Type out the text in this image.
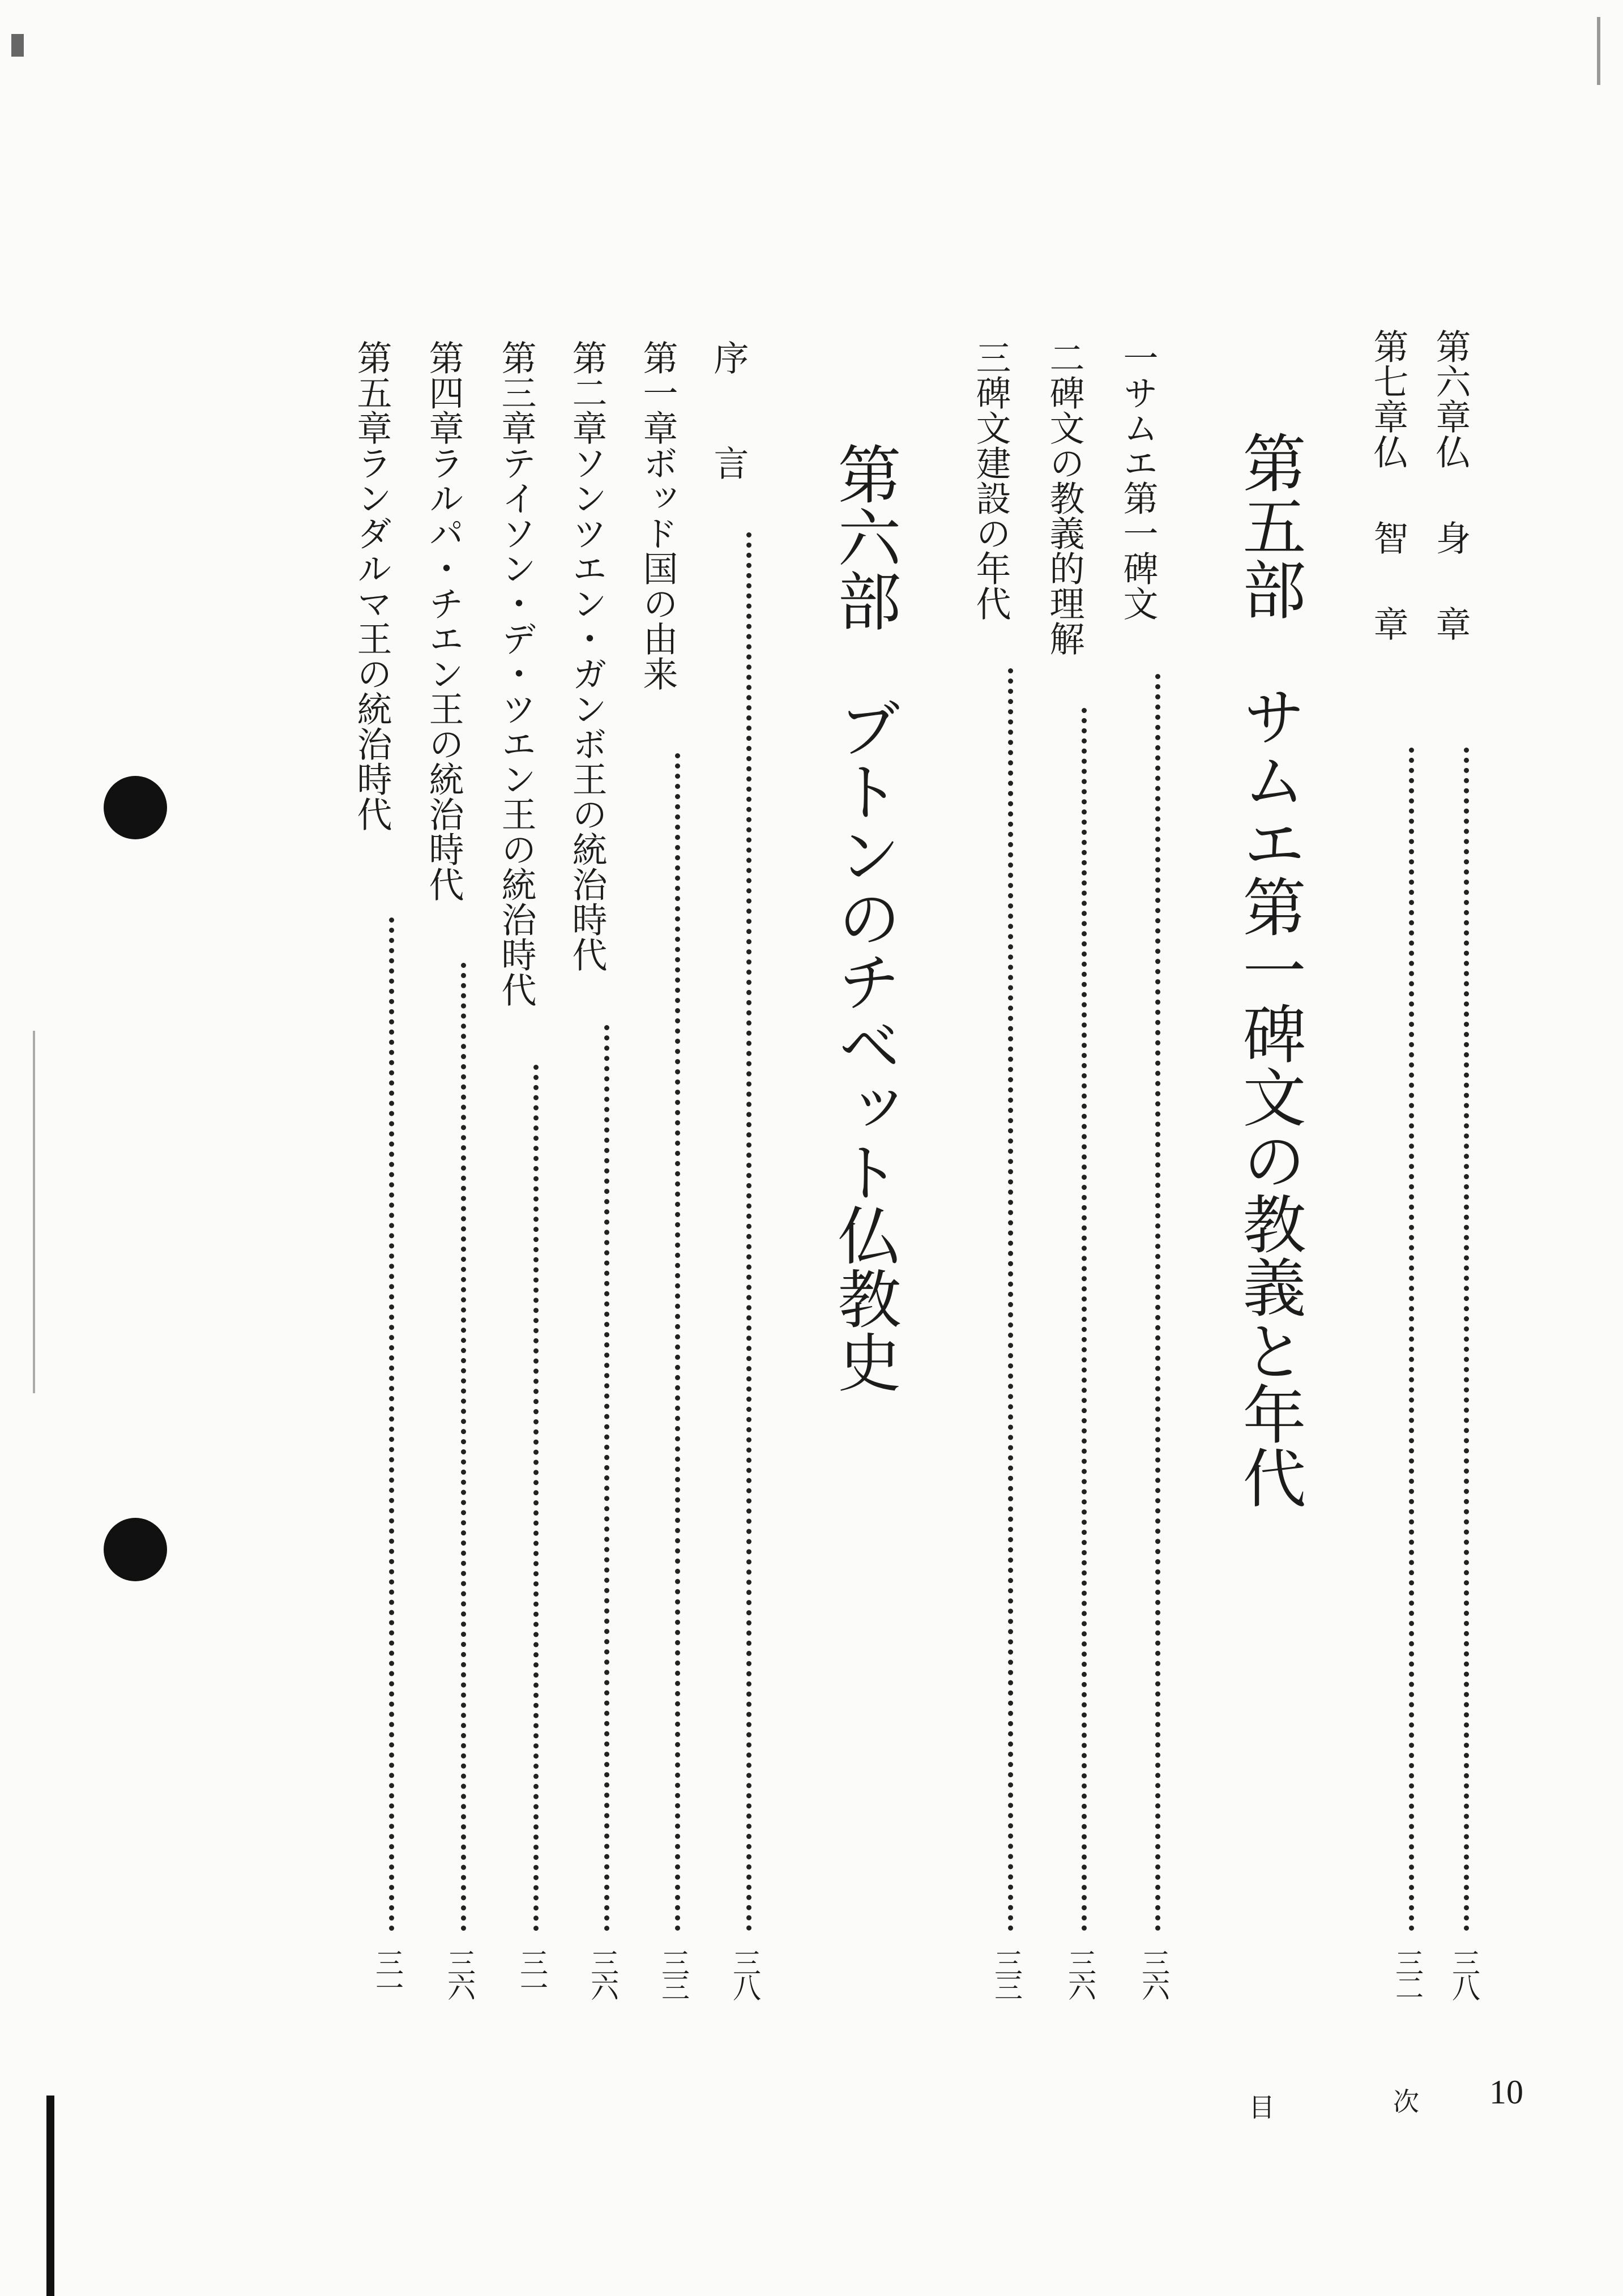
第六章仏身章
三八
第七章仏智章
三二
第五部　サムエ第一碑文の教義と年代
一サムエ第一碑文
三六
二碑文の教義的理解
三六
三碑文建設の年代
三三
第六部　ブトンのチベット仏教史
序　　言
三八
第一章ボッド国の由来
三三
第二章ソンツエン・ガンボ王の統治時代
三六
第三章テイソン・デ・ツエン王の統治時代
三一
第四章ラルパ・チエン王の統治時代
三六
第五章ランダルマ王の統治時代
三一
目	次 10
